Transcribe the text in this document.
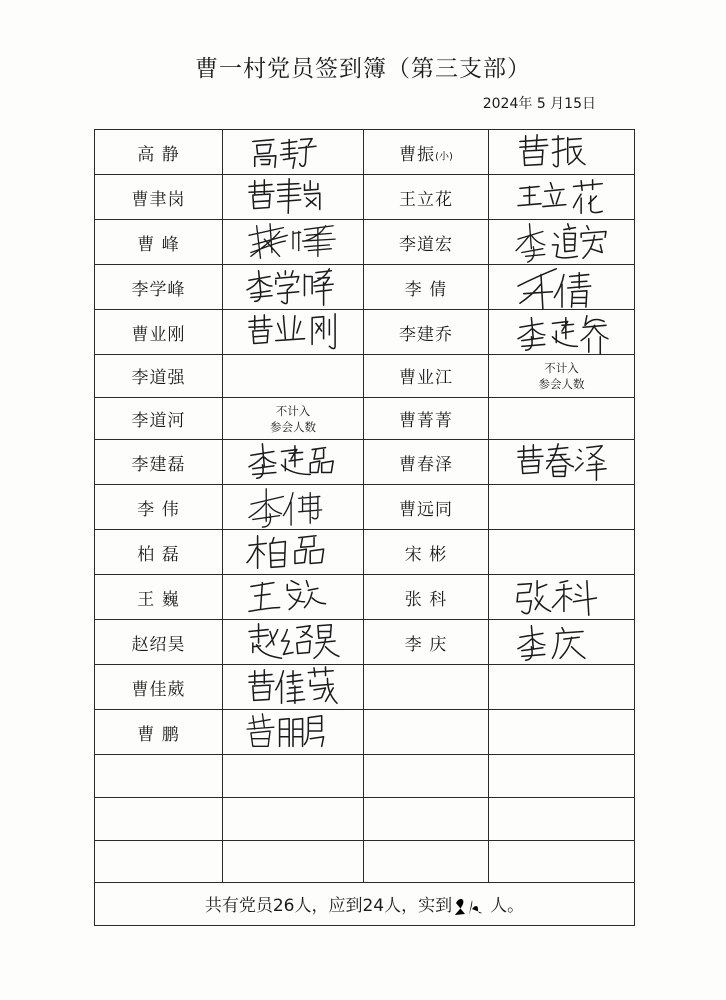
曹一村党员签到簿（第三支部）
2024年 5 月15日
高 静		曹振(小)	

曹聿岗		王立花	

曹 峰		李道宏	

李学峰		李 倩	

曹业刚		李建乔	

李道强		曹业江	不计入
参会人数

李道河	不计入
参会人数	曹菁菁	
李建磊		曹春泽	

李 伟		曹远同	

柏 磊		宋 彬	
王 巍		张 科	

赵绍昊		李 庆	

曹佳葳	

曹 鹏	

共有党员26人，应到24人，实到 人。			
